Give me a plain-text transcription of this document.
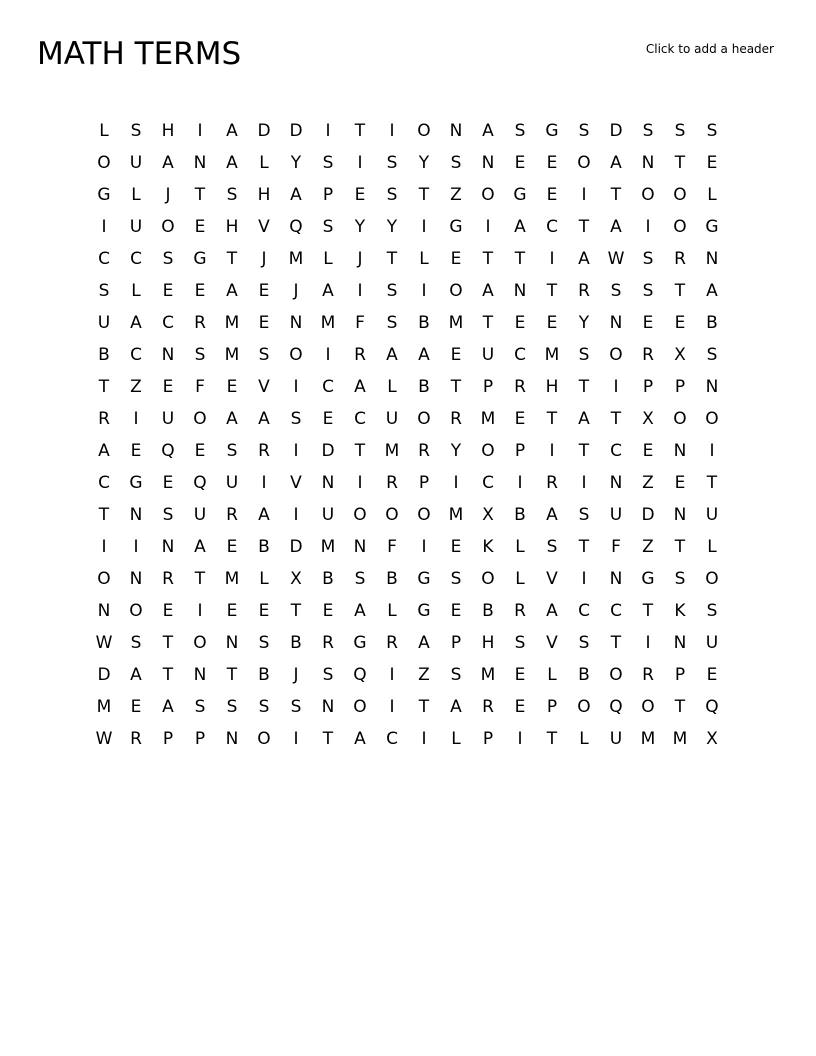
MATH TERMS	Click to add a header
L	S	H	I	A	D	D	I	T	I	O	N	A	S	G	S	D	S	S	S
O	U	A	N	A	L	Y	S	I	S	Y	S	N	E	E	O	A	N	T	E
G	L	J	T	S	H	A	P	E	S	T	Z	O	G	E	I	T	O	O	L
I	U	O	E	H	V	Q	S	Y	Y	I	G	I	A	C	T	A	I	O	G
C	C	S	G	T	J	M	L	J	T	L	E	T	T	I	A	W	S	R	N
S	L	E	E	A	E	J	A	I	S	I	O	A	N	T	R	S	S	T	A
U	A	C	R	M	E	N	M	F	S	B	M	T	E	E	Y	N	E	E	B
B	C	N	S	M	S	O	I	R	A	A	E	U	C	M	S	O	R	X	S
T	Z	E	F	E	V	I	C	A	L	B	T	P	R	H	T	I	P	P	N
R	I	U	O	A	A	S	E	C	U	O	R	M	E	T	A	T	X	O	O
A	E	Q	E	S	R	I	D	T	M	R	Y	O	P	I	T	C	E	N	I
C	G	E	Q	U	I	V	N	I	R	P	I	C	I	R	I	N	Z	E	T
T	N	S	U	R	A	I	U	O	O	O	M	X	B	A	S	U	D	N	U
I	I	N	A	E	B	D	M	N	F	I	E	K	L	S	T	F	Z	T	L
O	N	R	T	M	L	X	B	S	B	G	S	O	L	V	I	N	G	S	O
N	O	E	I	E	E	T	E	A	L	G	E	B	R	A	C	C	T	K	S
W	S	T	O	N	S	B	R	G	R	A	P	H	S	V	S	T	I	N	U
D	A	T	N	T	B	J	S	Q	I	Z	S	M	E	L	B	O	R	P	E
M	E	A	S	S	S	S	N	O	I	T	A	R	E	P	O	Q	O	T	Q
W	R	P	P	N	O	I	T	A	C	I	L	P	I	T	L	U	M	M	X
